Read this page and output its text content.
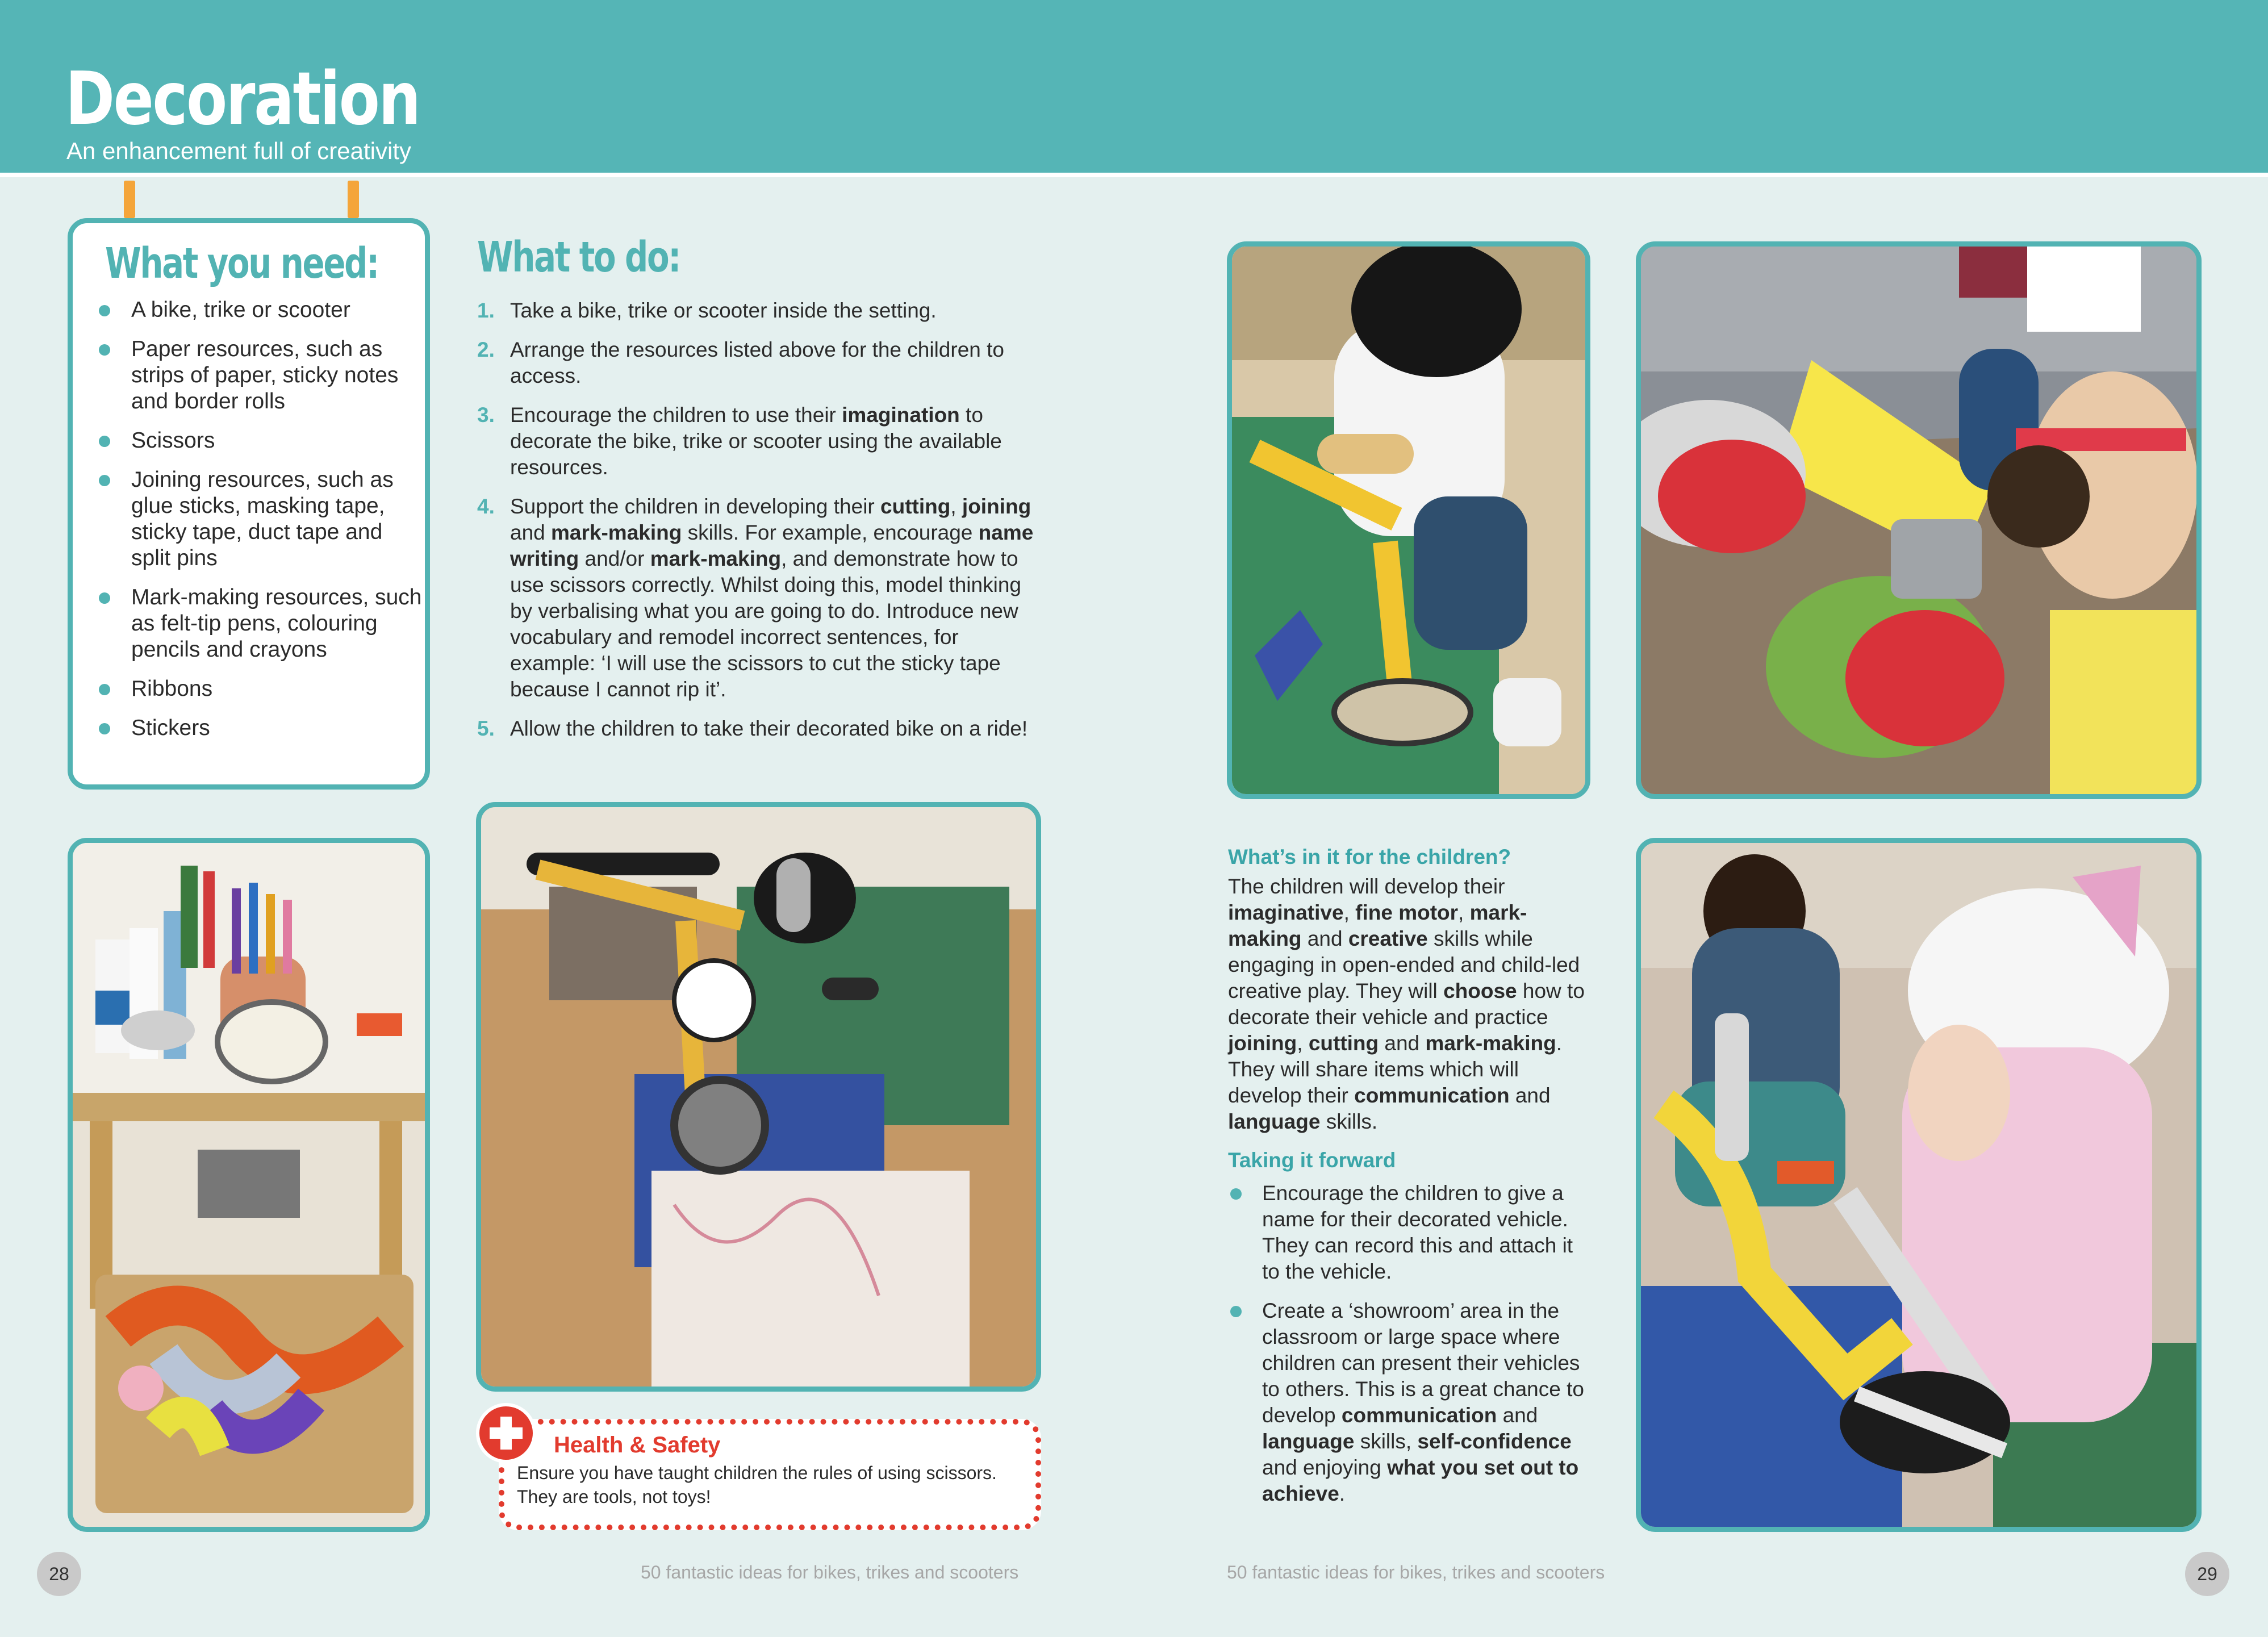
Decoration
An enhancement full of creativity
What you need:
A bike, trike or scooter
Paper resources, such as strips of paper, sticky notes and border rolls
Scissors
Joining resources, such as glue sticks, masking tape, sticky tape, duct tape and split pins
Mark-making resources, such as felt-tip pens, colouring pencils and crayons
Ribbons
Stickers
What to do:
1. Take a bike, trike or scooter inside the setting.
2. Arrange the resources listed above for the children to access.
3. Encourage the children to use their imagination to decorate the bike, trike or scooter using the available resources.
4. Support the children in developing their cutting, joining and mark-making skills. For example, encourage name writing and/or mark-making, and demonstrate how to use scissors correctly. Whilst doing this, model thinking by verbalising what you are going to do. Introduce new vocabulary and remodel incorrect sentences, for example: ‘I will use the scissors to cut the sticky tape because I cannot rip it’.
5. Allow the children to take their decorated bike on a ride!
Health & Safety
Ensure you have taught children the rules of using scissors. They are tools, not toys!
What’s in it for the children?
The children will develop their imaginative, fine motor, mark-making and creative skills while engaging in open-ended and child-led creative play. They will choose how to decorate their vehicle and practice joining, cutting and mark-making. They will share items which will develop their communication and language skills.
Taking it forward
Encourage the children to give a name for their decorated vehicle. They can record this and attach it to the vehicle.
Create a ‘showroom’ area in the classroom or large space where children can present their vehicles to others. This is a great chance to develop communication and language skills, self-confidence and enjoying what you set out to achieve.
28	50 fantastic ideas for bikes, trikes and scooters	50 fantastic ideas for bikes, trikes and scooters	29
